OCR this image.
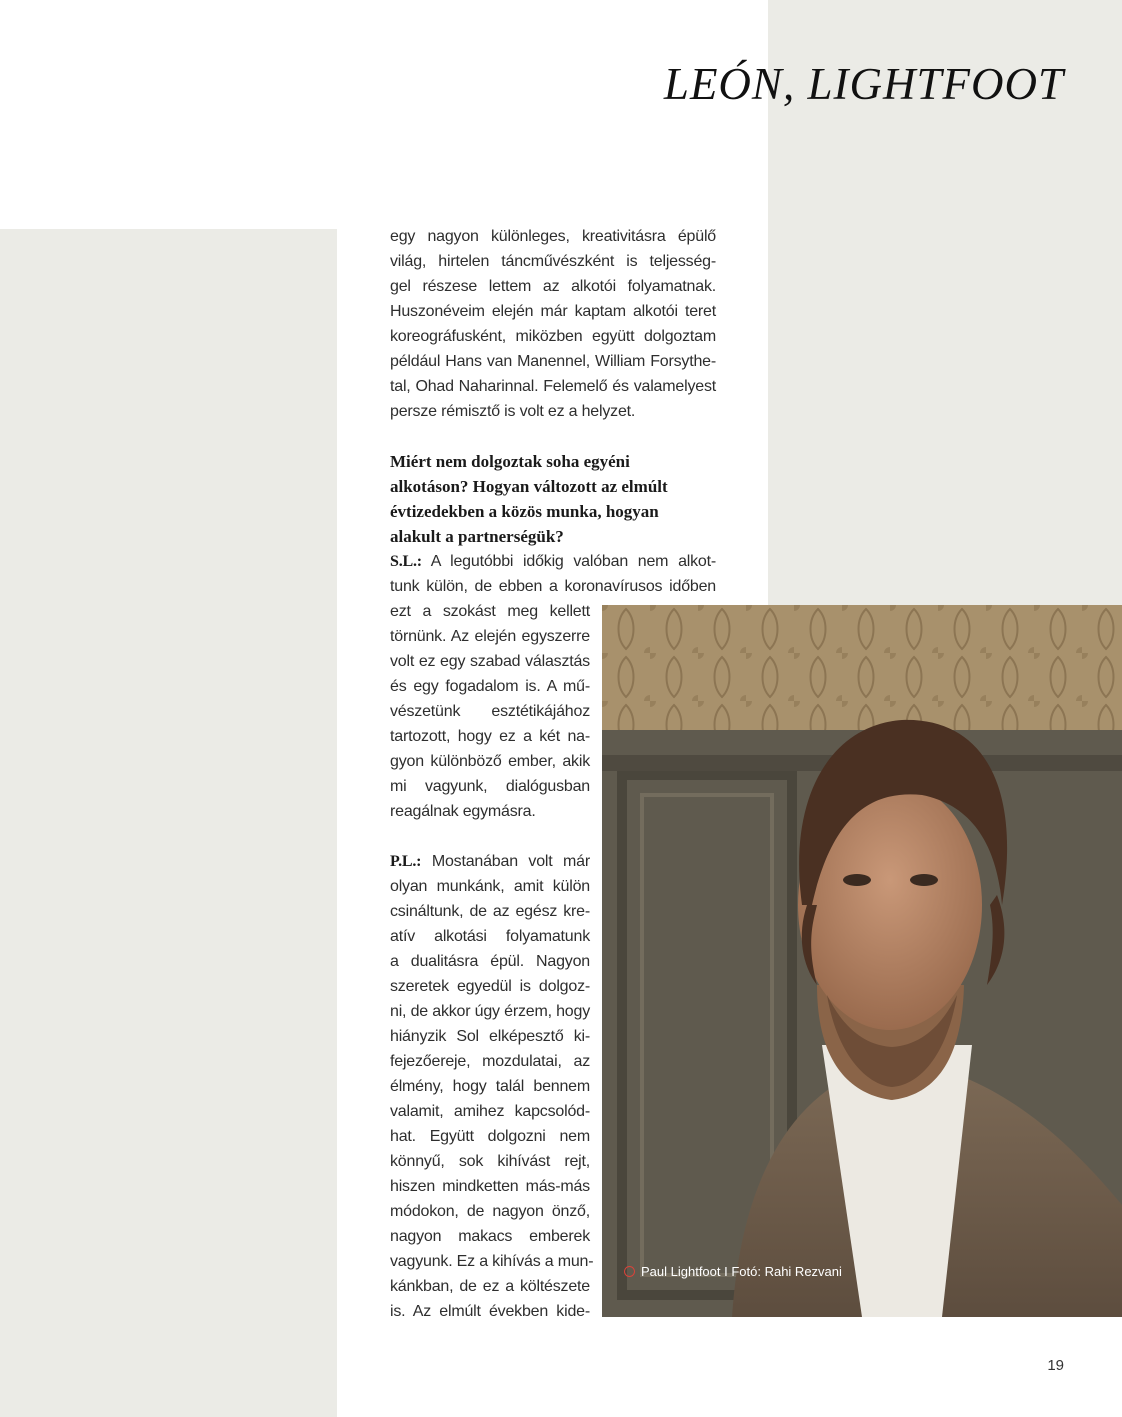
LEÓN, LIGHTFOOT
egy nagyon különleges, kreativitásra épülő
világ, hirtelen táncművészként is teljesség-
gel részese lettem az alkotói folyamatnak.
Huszonéveim elején már kaptam alkotói teret
koreográfusként, miközben együtt dolgoztam
például Hans van Manennel, William Forsythe-
tal, Ohad Naharinnal. Felemelő és valamelyest
persze rémisztő is volt ez a helyzet.
Miért nem dolgoztak soha egyéni
alkotáson? Hogyan változott az elmúlt
évtizedekben a közös munka, hogyan
alakult a partnerségük?
S.L.: A legutóbbi időkig valóban nem alkot-
tunk külön, de ebben a koronavírusos időben
ezt a szokást meg kellett
törnünk. Az elején egyszerre
volt ez egy szabad választás
és egy fogadalom is. A mű-
vészetünk esztétikájához
tartozott, hogy ez a két na-
gyon különböző ember, akik
mi vagyunk, dialógusban
reagálnak egymásra.
P.L.: Mostanában volt már
olyan munkánk, amit külön
csináltunk, de az egész kre-
atív alkotási folyamatunk
a dualitásra épül. Nagyon
szeretek egyedül is dolgoz-
ni, de akkor úgy érzem, hogy
hiányzik Sol elképesztő ki-
fejezőereje, mozdulatai, az
élmény, hogy talál bennem
valamit, amihez kapcsolód-
hat. Együtt dolgozni nem
könnyű, sok kihívást rejt,
hiszen mindketten más-más
módokon, de nagyon önző,
nagyon makacs emberek
vagyunk. Ez a kihívás a mun-
kánkban, de ez a költészete
is. Az elmúlt években kide-
Paul Lightfoot I Fotó: Rahi Rezvani
19
